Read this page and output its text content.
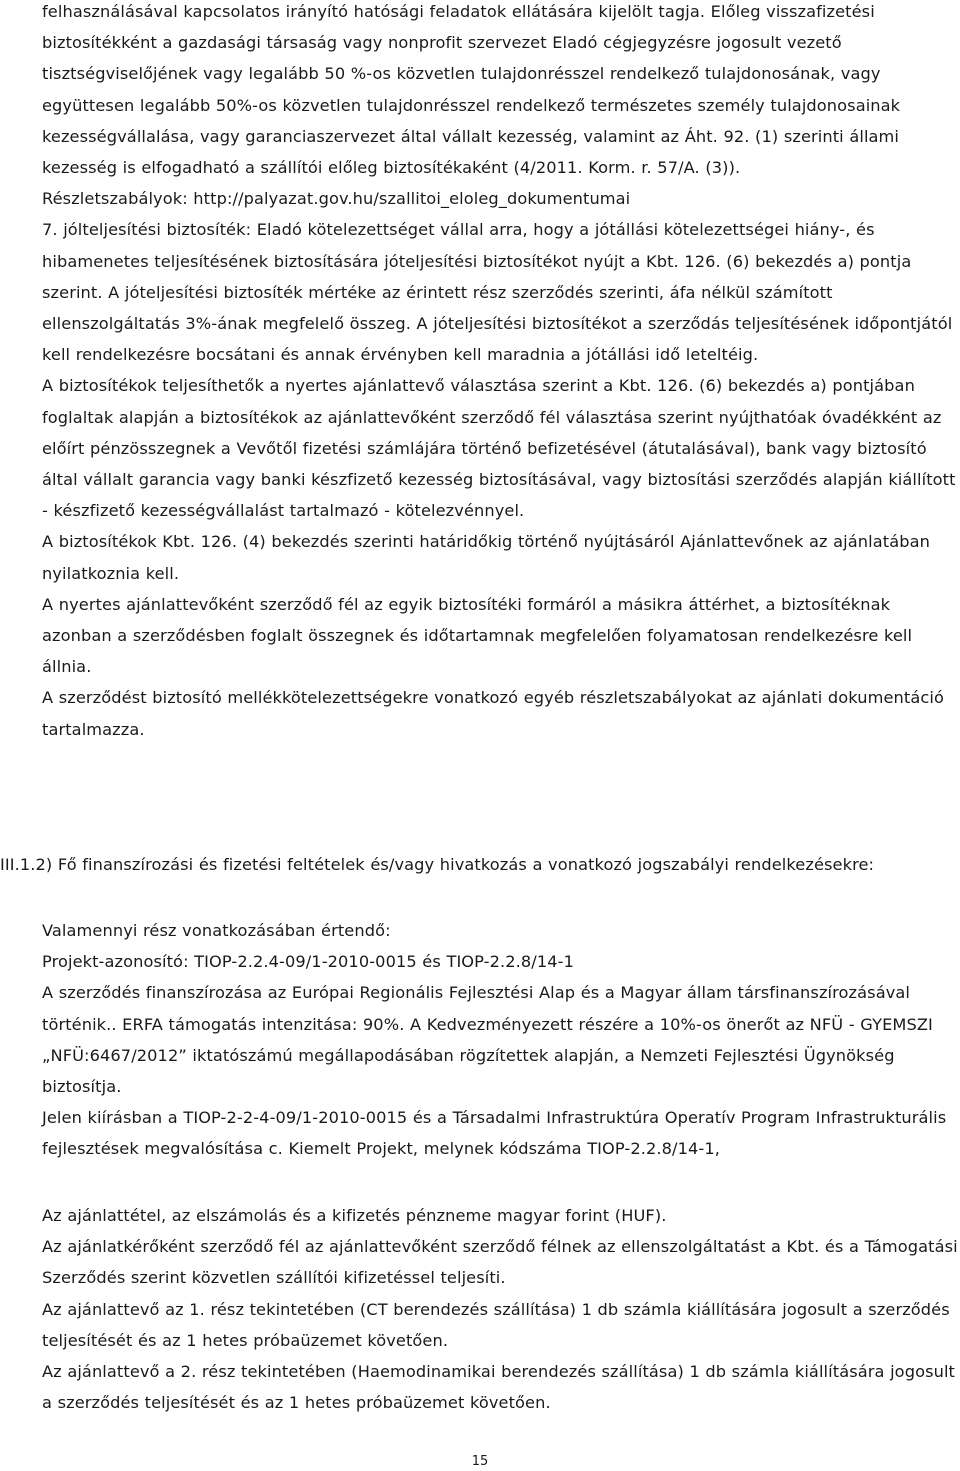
felhasználásával kapcsolatos irányító hatósági feladatok ellátására kijelölt tagja. Előleg visszafizetési biztosítékként a gazdasági társaság vagy nonprofit szervezet Eladó cégjegyzésre jogosult vezető tisztségviselőjének vagy legalább 50 %-os közvetlen tulajdonrésszel rendelkező tulajdonosának, vagy együttesen legalább 50%-os közvetlen tulajdonrésszel rendelkező természetes személy tulajdonosainak kezességvállalása, vagy garanciaszervezet által vállalt kezesség, valamint az Áht. 92. (1) szerinti állami kezesség is elfogadható a szállítói előleg biztosítékaként (4/2011. Korm. r. 57/A. (3)).

Részletszabályok: http://palyazat.gov.hu/szallitoi_eloleg_dokumentumai

7. jólteljesítési biztosíték: Eladó kötelezettséget vállal arra, hogy a jótállási kötelezettségei hiány-, és hibamenetes teljesítésének biztosítására jóteljesítési biztosítékot nyújt a Kbt. 126. (6) bekezdés a) pontja szerint. A jóteljesítési biztosíték mértéke az érintett rész szerződés szerinti, áfa nélkül számított ellenszolgáltatás 3%-ának megfelelő összeg. A jóteljesítési biztosítékot a szerződás teljesítésének időpontjától kell rendelkezésre bocsátani és annak érvényben kell maradnia a jótállási idő leteltéig.

A biztosítékok teljesíthetők a nyertes ajánlattevő választása szerint a Kbt. 126. (6) bekezdés a) pontjában foglaltak alapján a biztosítékok az ajánlattevőként szerződő fél választása szerint nyújthatóak óvadékként az előírt pénzösszegnek a Vevőtől fizetési számlájára történő befizetésével (átutalásával), bank vagy biztosító által vállalt garancia vagy banki készfizető kezesség biztosításával, vagy biztosítási szerződés alapján kiállított - készfizető kezességvállalást tartalmazó - kötelezvénnyel.

A biztosítékok Kbt. 126. (4) bekezdés szerinti határidőkig történő nyújtásáról Ajánlattevőnek az ajánlatában nyilatkoznia kell.

A nyertes ajánlattevőként szerződő fél az egyik biztosítéki formáról a másikra áttérhet, a biztosítéknak azonban a szerződésben foglalt összegnek és időtartamnak megfelelően folyamatosan rendelkezésre kell állnia.

A szerződést biztosító mellékkötelezettségekre vonatkozó egyéb részletszabályokat az ajánlati dokumentáció tartalmazza.

III.1.2) Fő finanszírozási és fizetési feltételek és/vagy hivatkozás a vonatkozó jogszabályi rendelkezésekre:

Valamennyi rész vonatkozásában értendő:

Projekt-azonosító: TIOP-2.2.4-09/1-2010-0015 és TIOP-2.2.8/14-1

A szerződés finanszírozása az Európai Regionális Fejlesztési Alap és a Magyar állam társfinanszírozásával történik.. ERFA támogatás intenzitása: 90%. A Kedvezményezett részére a 10%-os önerőt az NFÜ - GYEMSZI „NFÜ:6467/2012” iktatószámú megállapodásában rögzítettek alapján, a Nemzeti Fejlesztési Ügynökség biztosítja.

Jelen kiírásban a TIOP-2-2-4-09/1-2010-0015 és a Társadalmi Infrastruktúra Operatív Program Infrastrukturális fejlesztések megvalósítása c. Kiemelt Projekt, melynek kódszáma TIOP-2.2.8/14-1,

Az ajánlattétel, az elszámolás és a kifizetés pénzneme magyar forint (HUF).

Az ajánlatkérőként szerződő fél az ajánlattevőként szerződő félnek az ellenszolgáltatást a Kbt. és a Támogatási Szerződés szerint közvetlen szállítói kifizetéssel teljesíti.

Az ajánlattevő az 1. rész tekintetében (CT berendezés szállítása) 1 db számla kiállítására jogosult a szerződés teljesítését és az 1 hetes próbaüzemet követően.

Az ajánlattevő a 2. rész tekintetében (Haemodinamikai berendezés szállítása) 1 db számla kiállítására jogosult a szerződés teljesítését és az 1 hetes próbaüzemet követően.

15
